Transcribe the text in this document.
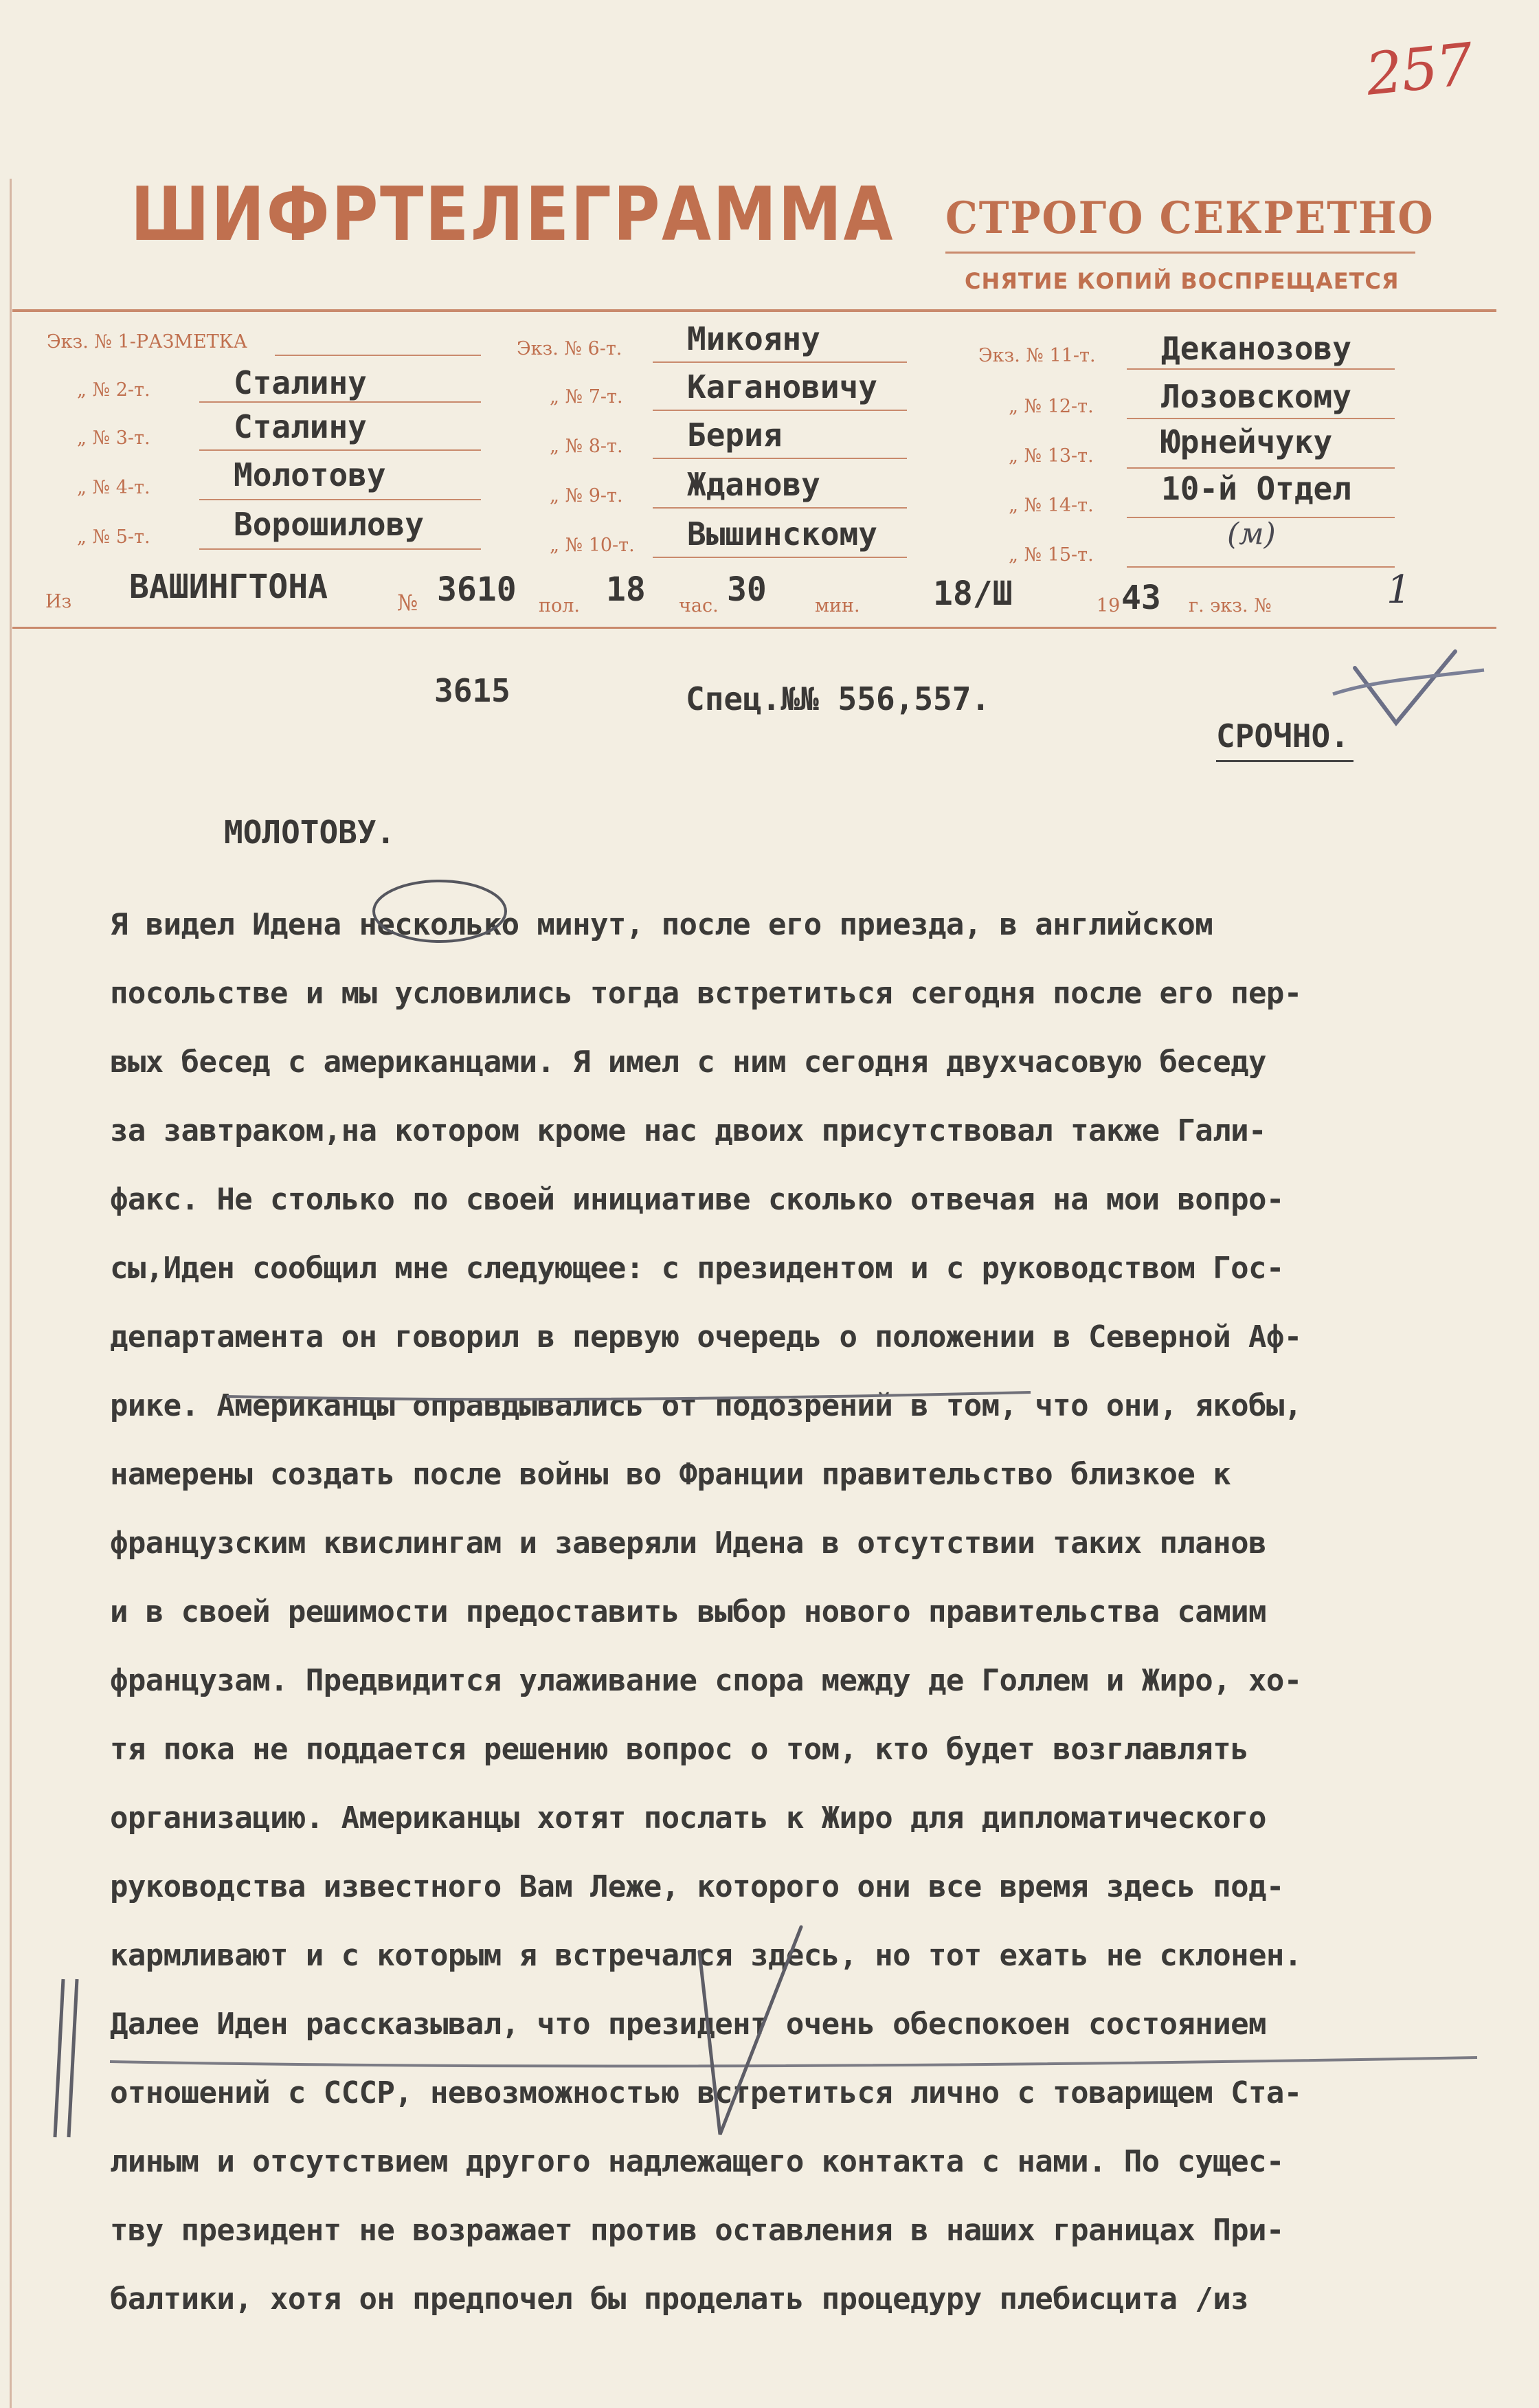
257
ШИФРТЕЛЕГРАММА СТРОГО СЕКРЕТНО
СНЯТИЕ КОПИЙ ВОСПРЕЩАЕТСЯ
Экз. № 1-РАЗМЕТКА
„ № 2-т.	Сталину
„ № 3-т.	Сталину
„ № 4-т.	Молотову
„ № 5-т.	Ворошилову
Экз. № 6-т. Микояну
„ № 7-т. Кагановичу
„ № 8-т. Берия
„ № 9-т. Жданову
„ № 10-т. Вышинскому
Экз. № 11-т. Деканозову
„ № 12-т. Лозовскому
„ № 13-т. Юрнейчуку
„ № 14-т. 10-й Отдел
„ № 15-т.
(м)
Из ВАШИНГТОНА	№ 3610 пол. 18 час. 30	мин. 18/Ш	19 43 г. экз. №	1
3615	Спец.№№ 556,557.
СРОЧНО.
МОЛОТОВУ.
Я видел Идена несколько минут, после его приезда, в английском
посольстве и мы условились тогда встретиться сегодня после его пер-
вых бесед с американцами. Я имел с ним сегодня двухчасовую беседу
за завтраком,на котором кроме нас двоих присутствовал также Гали-
факс. Не столько по своей инициативе сколько отвечая на мои вопро-
сы,Иден сообщил мне следующее: с президентом и с руководством Гос-
департамента он говорил в первую очередь о положении в Северной Аф-
рике. Американцы оправдывались от подозрений в том, что они, якобы,
намерены создать после войны во Франции правительство близкое к
французским квислингам и заверяли Идена в отсутствии таких планов
и в своей решимости предоставить выбор нового правительства самим
французам. Предвидится улаживание спора между де Голлем и Жиро, хо-
тя пока не поддается решению вопрос о том, кто будет возглавлять
организацию. Американцы хотят послать к Жиро для дипломатического
руководства известного Вам Леже, которого они все время здесь под-
кармливают и с которым я встречался здесь, но тот ехать не склонен.
Далее Иден рассказывал, что президент очень обеспокоен состоянием
отношений с СССР, невозможностью встретиться лично с товарищем Ста-
линым и отсутствием другого надлежащего контакта с нами. По сущес-
тву президент не возражает против оставления в наших границах При-
балтики, хотя он предпочел бы проделать процедуру плебисцита /из
